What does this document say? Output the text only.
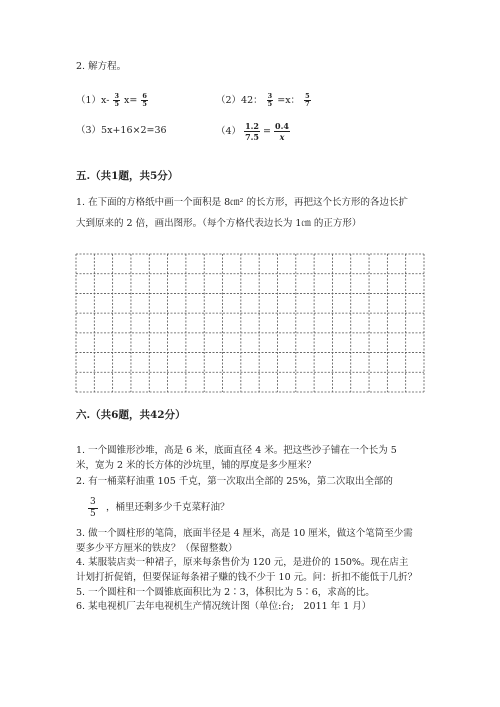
2. 解方程。
$(1)x- \frac{3}{5} x= \frac{6}{5}$	（2）42： $\frac{3}{5} =x$： $\frac{5}{7}$
（3）5x+16×2=36	$(4) \frac{1.2}{7.5} = \frac{0.4}{x}$
五.（共1题，共5分）
1. 在下面的方格纸中画一个面积是 8㎝² 的长方形，再把这个长方形的各边长扩
大到原来的 2 倍，画出图形。（每个方格代表边长为 1㎝ 的正方形）
六.（共6题，共42分）
1. 一个圆锥形沙堆，高是 6 米，底面直径 4 米。把这些沙子铺在一个长为 5
米，宽为 2 米的长方体的沙坑里，铺的厚度是多少厘米？
2. 有一桶菜籽油重 105 千克，第一次取出全部的 25%，第二次取出全部的
$\frac{3}{5}$ ，桶里还剩多少千克菜籽油？
3. 做一个圆柱形的笔筒，底面半径是 4 厘米，高是 10 厘米，做这个笔筒至少需
要多少平方厘米的铁皮？（保留整数）
4. 某服装店卖一种裙子，原来每条售价为 120 元，是进价的 150%。现在店主
计划打折促销，但要保证每条裙子赚的钱不少于 10 元。问：折扣不能低于几折？
5. 一个圆柱和一个圆锥底面积比为 2∶3，体积比为 5∶6，求高的比。
6. 某电视机厂去年电视机生产情况统计图（单位:台;　2011 年 1 月）
